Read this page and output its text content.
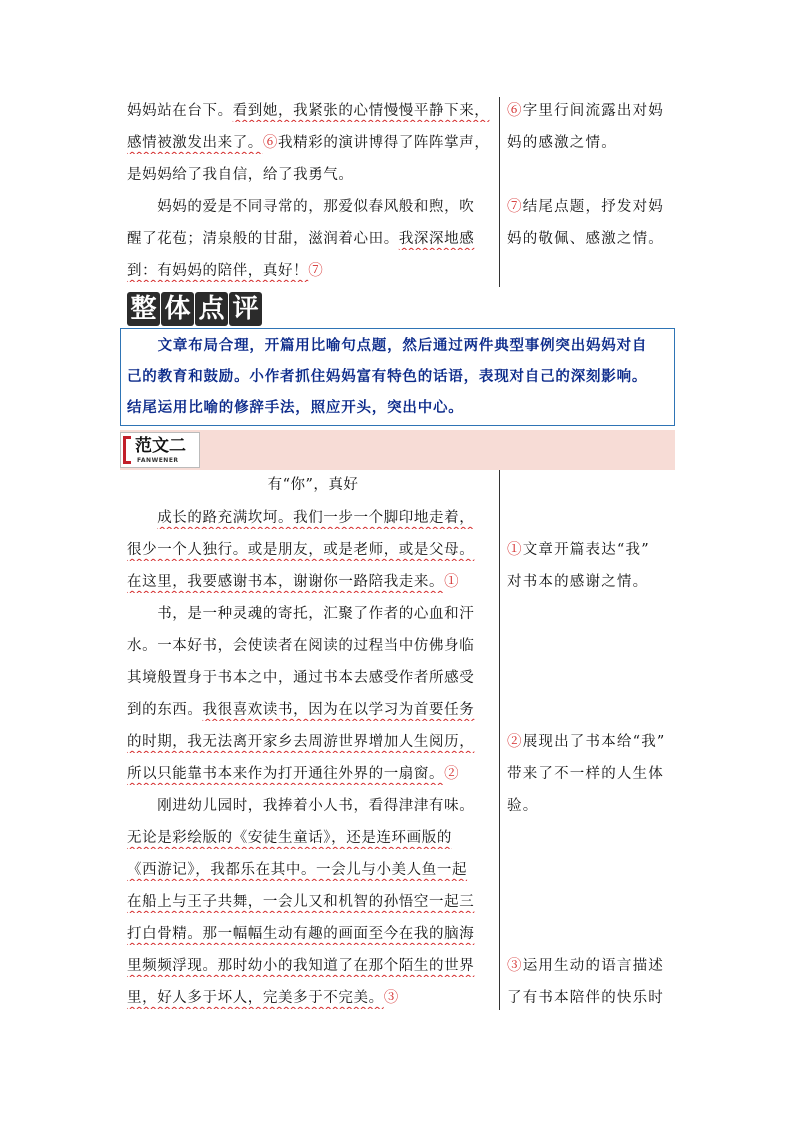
妈妈站在台下。看到她，我紧张的心情慢慢平静下来，
感情被激发出来了。⑥我精彩的演讲博得了阵阵掌声，
是妈妈给了我自信，给了我勇气。
　　妈妈的爱是不同寻常的，那爱似春风般和煦，吹
醒了花苞；清泉般的甘甜，滋润着心田。我深深地感
到：有妈妈的陪伴，真好！⑦
⑥字里行间流露出对妈
妈的感激之情。
⑦结尾点题，抒发对妈
妈的敬佩、感激之情。
整 体 点 评
　　文章布局合理，开篇用比喻句点题，然后通过两件典型事例突出妈妈对自
己的教育和鼓励。小作者抓住妈妈富有特色的话语，表现对自己的深刻影响。
结尾运用比喻的修辞手法，照应开头，突出中心。
范文二
FANWENER
有“你”，真好
　　成长的路充满坎坷。我们一步一个脚印地走着，
很少一个人独行。或是朋友，或是老师，或是父母。
在这里，我要感谢书本，谢谢你一路陪我走来。①
　　书，是一种灵魂的寄托，汇聚了作者的心血和汗
水。一本好书，会使读者在阅读的过程当中仿佛身临
其境般置身于书本之中，通过书本去感受作者所感受
到的东西。我很喜欢读书，因为在以学习为首要任务
的时期，我无法离开家乡去周游世界增加人生阅历，
所以只能靠书本来作为打开通往外界的一扇窗。②
　　刚进幼儿园时，我捧着小人书，看得津津有味。
无论是彩绘版的《安徒生童话》，还是连环画版的
《西游记》，我都乐在其中。一会儿与小美人鱼一起
在船上与王子共舞，一会儿又和机智的孙悟空一起三
打白骨精。那一幅幅生动有趣的画面至今在我的脑海
里频频浮现。那时幼小的我知道了在那个陌生的世界
里，好人多于坏人，完美多于不完美。③
①文章开篇表达“我”
对书本的感谢之情。
②展现出了书本给“我”
带来了不一样的人生体
验。
③运用生动的语言描述
了有书本陪伴的快乐时
